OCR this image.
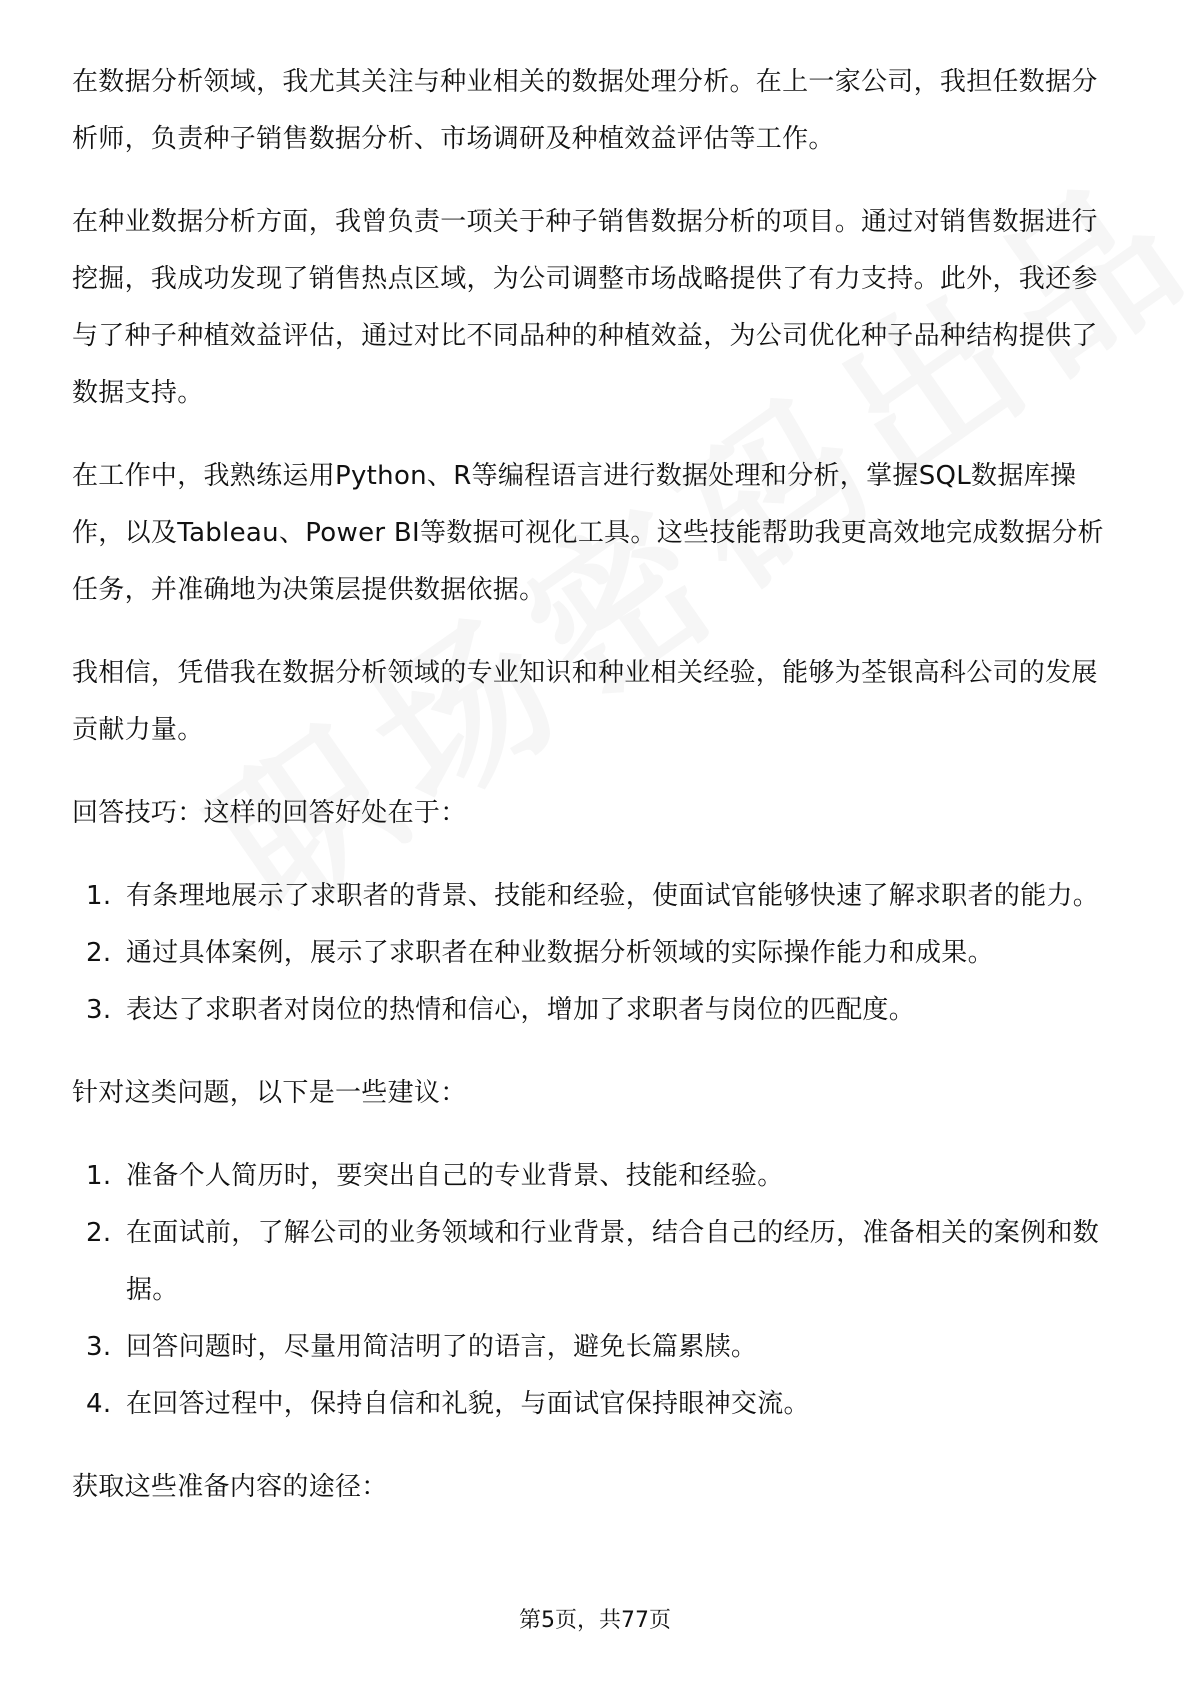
在数据分析领域，我尤其关注与种业相关的数据处理分析。在上一家公司，我担任数据分析师，负责种子销售数据分析、市场调研及种植效益评估等工作。

在种业数据分析方面，我曾负责一项关于种子销售数据分析的项目。通过对销售数据进行挖掘，我成功发现了销售热点区域，为公司调整市场战略提供了有力支持。此外，我还参与了种子种植效益评估，通过对比不同品种的种植效益，为公司优化种子品种结构提供了数据支持。

在工作中，我熟练运用Python、R等编程语言进行数据处理和分析，掌握SQL数据库操作，以及Tableau、Power BI等数据可视化工具。这些技能帮助我更高效地完成数据分析任务，并准确地为决策层提供数据依据。

我相信，凭借我在数据分析领域的专业知识和种业相关经验，能够为荃银高科公司的发展贡献力量。

回答技巧：这样的回答好处在于：

1. 有条理地展示了求职者的背景、技能和经验，使面试官能够快速了解求职者的能力。
2. 通过具体案例，展示了求职者在种业数据分析领域的实际操作能力和成果。
3. 表达了求职者对岗位的热情和信心，增加了求职者与岗位的匹配度。

针对这类问题，以下是一些建议：

1. 准备个人简历时，要突出自己的专业背景、技能和经验。
2. 在面试前，了解公司的业务领域和行业背景，结合自己的经历，准备相关的案例和数据。
3. 回答问题时，尽量用简洁明了的语言，避免长篇累牍。
4. 在回答过程中，保持自信和礼貌，与面试官保持眼神交流。

获取这些准备内容的途径：

第5页，共77页
